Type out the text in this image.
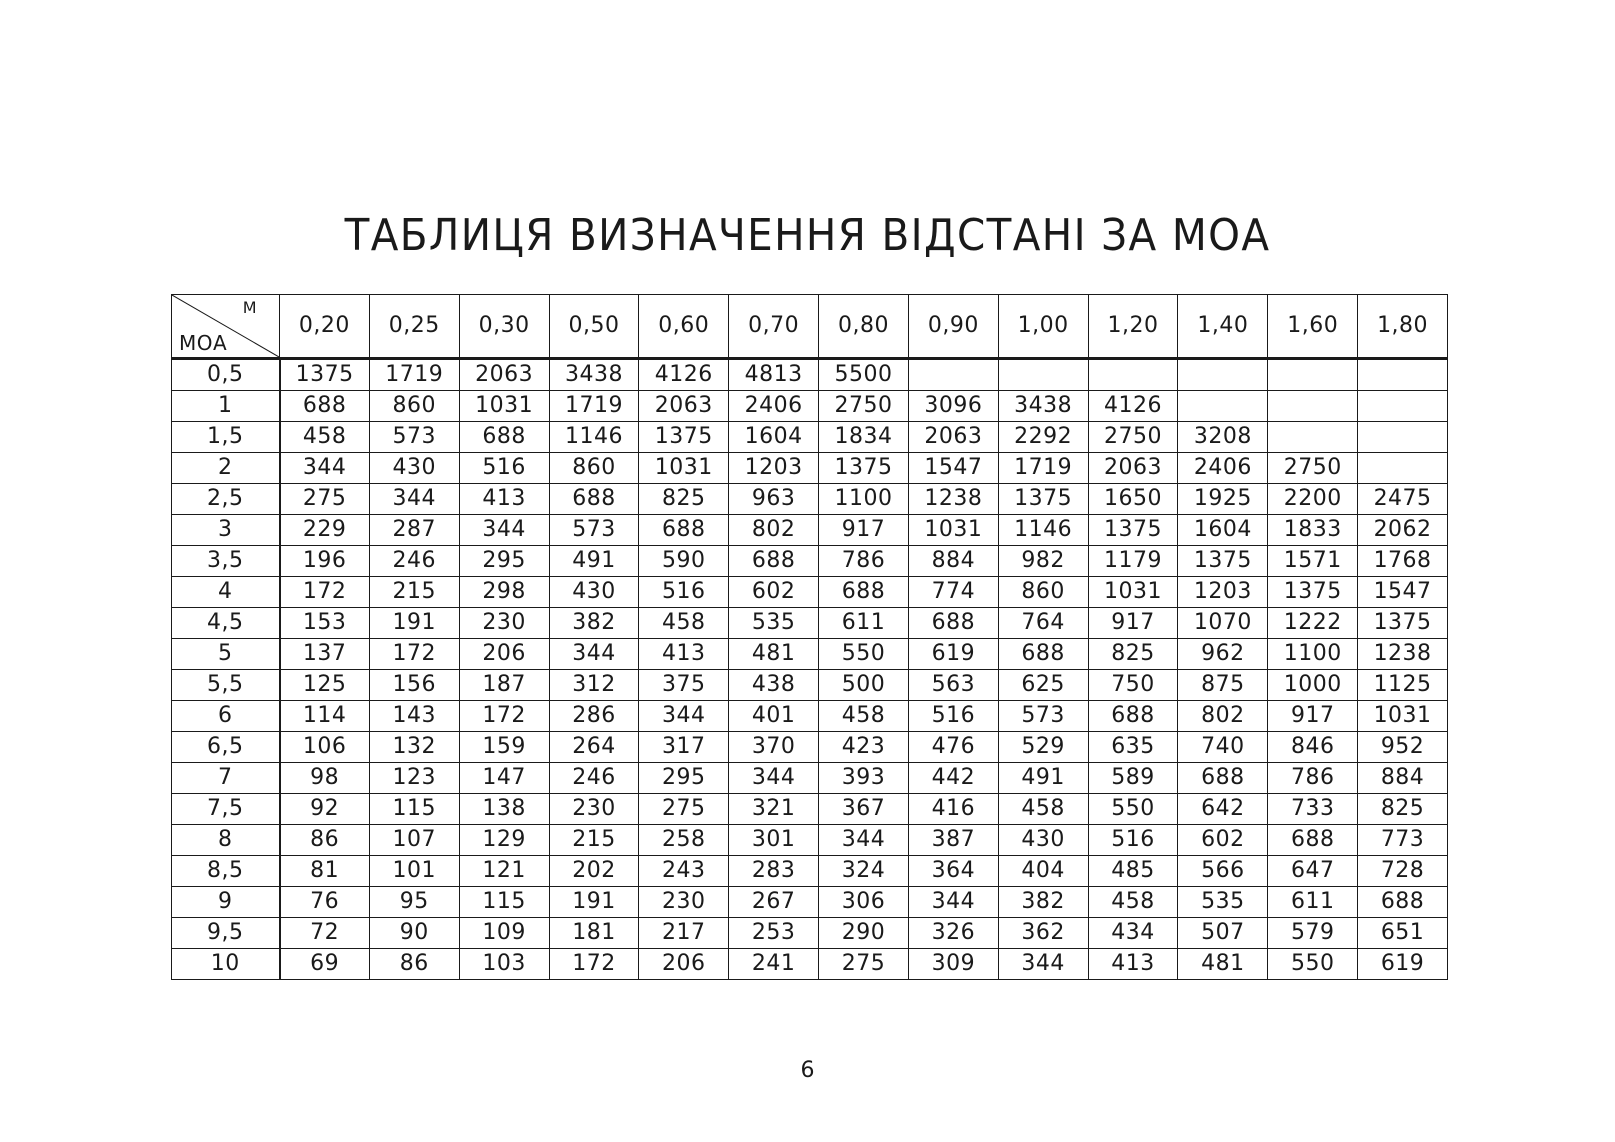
ТАБЛИЦЯ ВИЗНАЧЕННЯ ВІДСТАНІ ЗА МОА
М
МОА	0,20	0,25	0,30	0,50	0,60	0,70	0,80	0,90	1,00	1,20	1,40	1,60	1,80
0,5	1375	1719	2063	3438	4126	4813	5500						
1	688	860	1031	1719	2063	2406	2750	3096	3438	4126			
1,5	458	573	688	1146	1375	1604	1834	2063	2292	2750	3208		
2	344	430	516	860	1031	1203	1375	1547	1719	2063	2406	2750	
2,5	275	344	413	688	825	963	1100	1238	1375	1650	1925	2200	2475
3	229	287	344	573	688	802	917	1031	1146	1375	1604	1833	2062
3,5	196	246	295	491	590	688	786	884	982	1179	1375	1571	1768
4	172	215	298	430	516	602	688	774	860	1031	1203	1375	1547
4,5	153	191	230	382	458	535	611	688	764	917	1070	1222	1375
5	137	172	206	344	413	481	550	619	688	825	962	1100	1238
5,5	125	156	187	312	375	438	500	563	625	750	875	1000	1125
6	114	143	172	286	344	401	458	516	573	688	802	917	1031
6,5	106	132	159	264	317	370	423	476	529	635	740	846	952
7	98	123	147	246	295	344	393	442	491	589	688	786	884
7,5	92	115	138	230	275	321	367	416	458	550	642	733	825
8	86	107	129	215	258	301	344	387	430	516	602	688	773
8,5	81	101	121	202	243	283	324	364	404	485	566	647	728
9	76	95	115	191	230	267	306	344	382	458	535	611	688
9,5	72	90	109	181	217	253	290	326	362	434	507	579	651
10	69	86	103	172	206	241	275	309	344	413	481	550	619
6
